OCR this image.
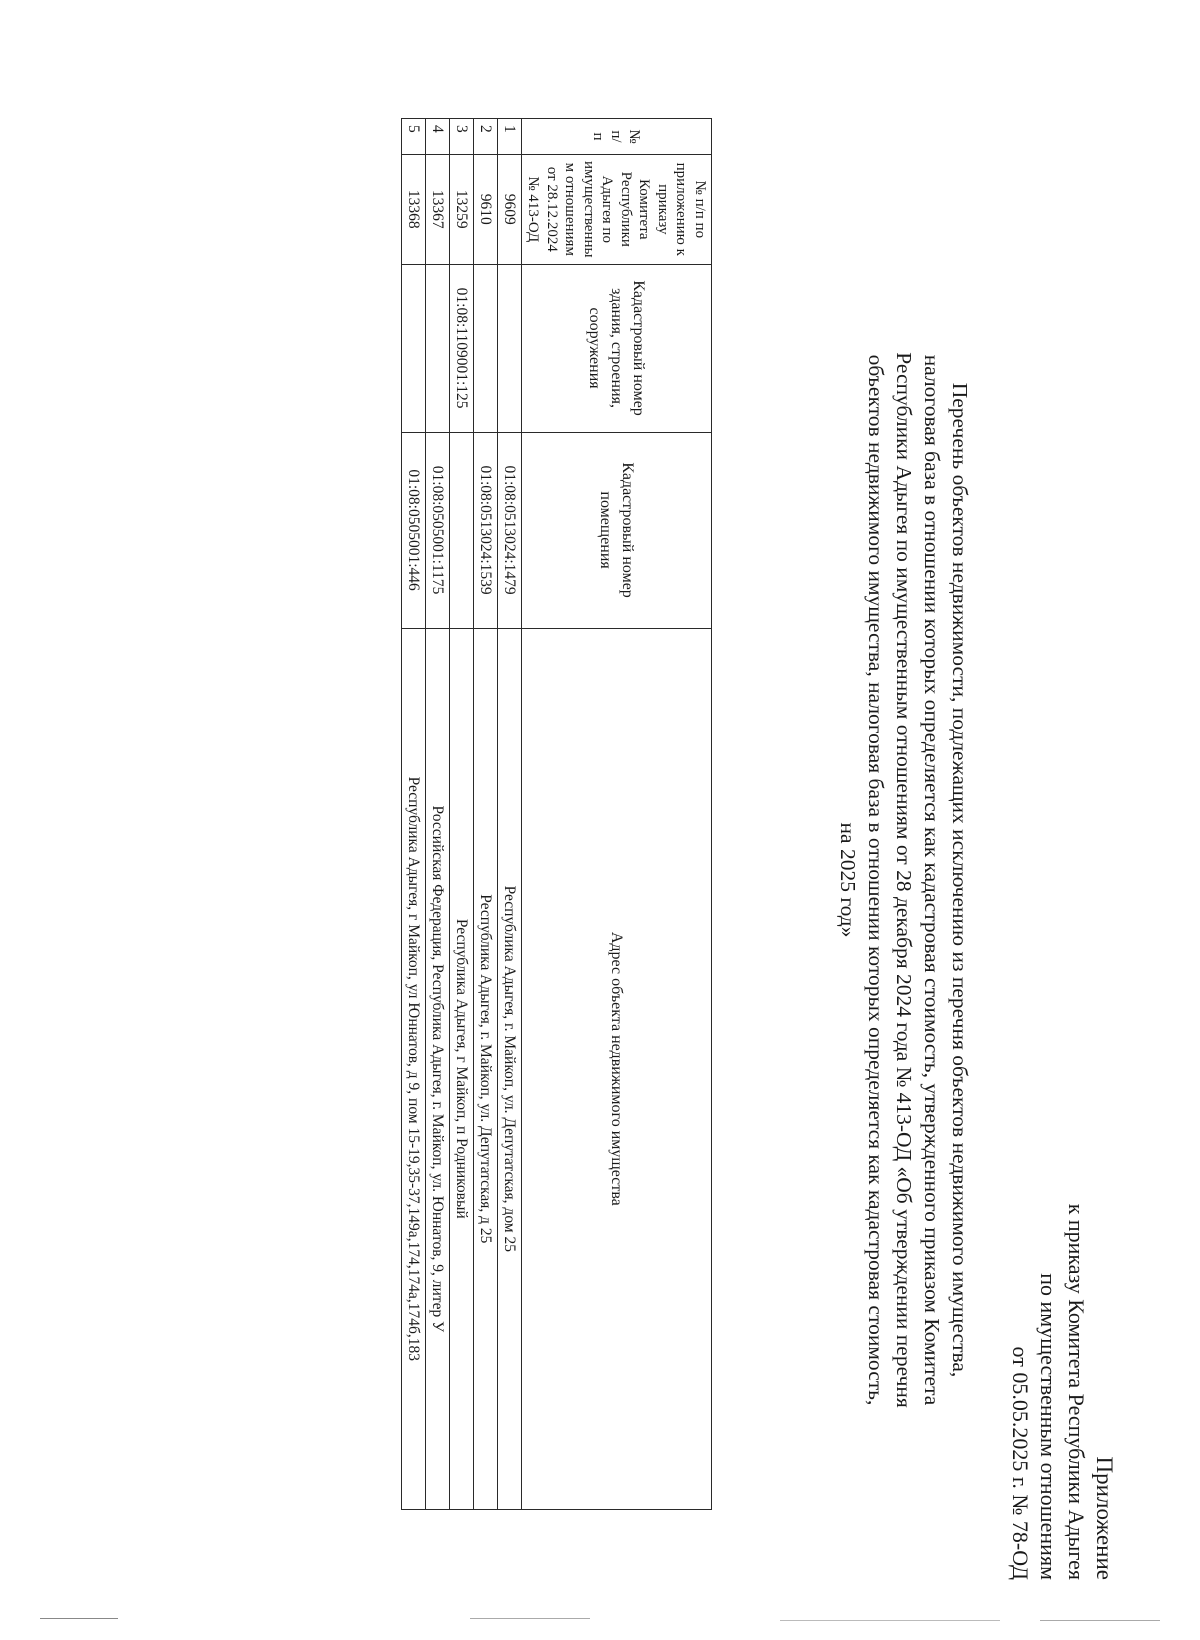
Приложение
к приказу Комитета Республики Адыгея
по имущественным отношениям
от 05.05.2025 г. № 78-ОД
Перечень объектов недвижимости, подлежащих исключению из перечня объектов недвижимого имущества,
налоговая база в отношении которых определяется как кадастровая стоимость, утвержденного приказом Комитета
Республики Адыгея по имущественным отношениям от 28 декабря 2024 года № 413-ОД «Об утверждении перечня
объектов недвижимого имущества, налоговая база в отношении которых определяется как кадастровая стоимость,
на 2025 год»
№ п/ п	№ п/п по приложению к приказу Комитета Республики Адыгея по имущественны м отношениям от 28.12.2024 № 413-ОД	Кадастровый номер здания, строения, сооружения	Кадастровый номер помещения	Адрес объекта недвижимого имущества
1	9609		01:08:0513024:1479	Республика Адыгея, г. Майкоп, ул. Депутатская, дом 25
2	9610		01:08:0513024:1539	Республика Адыгея, г. Майкоп, ул. Депутатская, д 25
3	13259	01:08:1109001:125		Республика Адыгея, г Майкоп, п Родниковый
4	13367		01:08:0505001:1175	Российская Федерация, Республика Адыгея, г. Майкоп, ул. Юннатов, 9, литер У
5	13368		01:08:0505001:446	Республика Адыгея, г Майкоп, ул Юннатов, д 9, пом 15-19,35-37,149а,174,174а,174б,183
